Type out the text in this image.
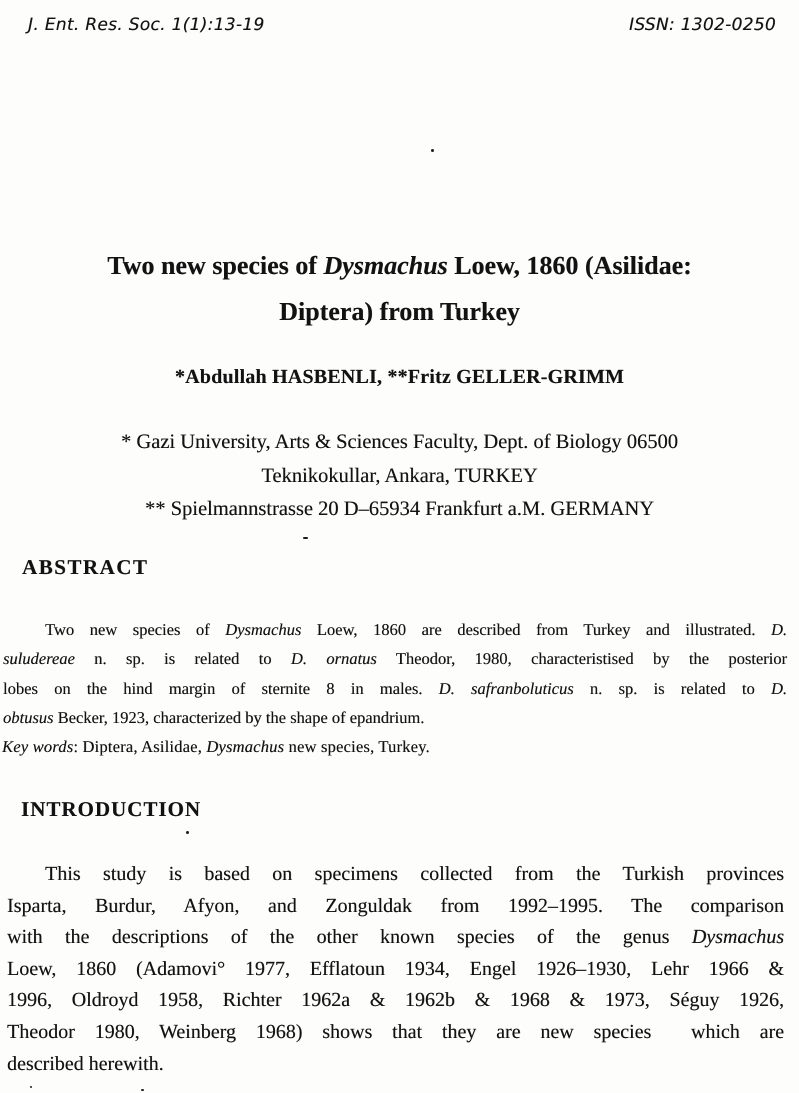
J. Ent. Res. Soc. 1(1):13-19	ISSN: 1302-0250
Two new species of Dysmachus Loew, 1860 (Asilidae:
Diptera) from Turkey
*Abdullah HASBENLI, **Fritz GELLER-GRIMM
* Gazi University, Arts & Sciences Faculty, Dept. of Biology 06500
Teknikokullar, Ankara, TURKEY
** Spielmannstrasse 20 D–65934 Frankfurt a.M. GERMANY
ABSTRACT
Two new species of Dysmachus Loew, 1860 are described from Turkey and illustrated. D.
suludereae n. sp. is related to D. ornatus Theodor, 1980, characteristised by the posterior
lobes on the hind margin of sternite 8 in males. D. safranboluticus n. sp. is related to D.
obtusus Becker, 1923, characterized by the shape of epandrium.
Key words: Diptera, Asilidae, Dysmachus new species, Turkey.
INTRODUCTION
This study is based on specimens collected from the Turkish provinces
Isparta, Burdur, Afyon, and Zonguldak from 1992–1995. The comparison
with the descriptions of the other known species of the genus Dysmachus
Loew, 1860 (Adamovi° 1977, Efflatoun 1934, Engel 1926–1930, Lehr 1966 &
1996, Oldroyd 1958, Richter 1962a & 1962b & 1968 & 1973, Séguy 1926,
Theodor 1980, Weinberg 1968) shows that they are new species  which are
described herewith.
